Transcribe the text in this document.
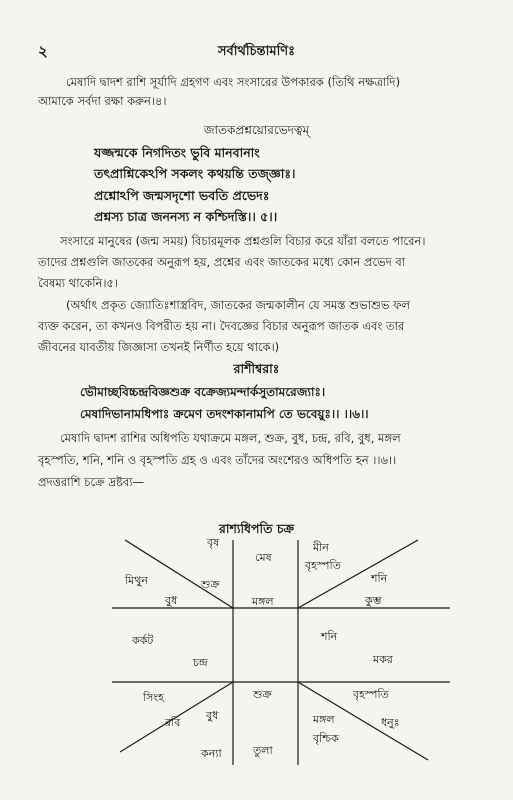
২	সর্বার্থচিন্তামণিঃ
মেষাদি দ্বাদশ রাশি সূর্যাদি গ্রহগণ এবং সংসারের উপকারক (তিথি নক্ষত্রাদি)
আমাকে সর্বদা রক্ষা করুন।৪।
জাতকপ্রশ্নয়োরভেদত্বম্
যজ্জন্মকে নিগদিতং ভুবি মানবানাং
তৎপ্রাশ্নিকেঽপি সকলং কথয়ন্তি তজ্জ্ঞাঃ।
প্রশ্নোঽপি জন্মসদৃশো ভবতি প্রভেদঃ
প্রশ্নস্য চাত্র জননস্য ন কশ্চিদস্তি।। ৫।।
সংসারে মানুষের (জন্ম সময়) বিচারমূলক প্রশ্নগুলি বিচার করে যাঁরা বলতে পারেন।
তাদের প্রশ্নগুলি জাতকের অনুরূপ হয়, প্রশ্নের এবং জাতকের মধ্যে কোন প্রভেদ বা
বৈষম্য থাকেনি।৫।
(অর্থাৎ প্রকৃত জ্যোতিঃশাস্ত্রবিদ, জাতকের জন্মকালীন যে সমস্ত শুভাশুভ ফল
ব্যক্ত করেন, তা কখনও বিপরীত হয় না। দৈবজ্ঞের বিচার অনুরূপ জাতক এবং তার
জীবনের যাবতীয় জিজ্ঞাসা তখনই নির্ণীত হয়ে থাকে।)
রাশীশ্বরাঃ
ভৌমাচ্ছবিচ্চন্দ্রবিজ্ঞশুক্র বক্রেজ্যমন্দার্কসুতামরেজ্যাঃ।
মেষাদিভানামধিপাঃ ক্রমেণ তদংশকানামপি তে ভবেয়ুঃ।। ।।৬।।
মেষাদি দ্বাদশ রাশির অধিপতি যথাক্রমে মঙ্গল, শুক্র, বুধ, চন্দ্র, রবি, বুধ, মঙ্গল
বৃহস্পতি, শনি, শনি ও বৃহস্পতি গ্রহ ও এবং তাঁদের অংশেরও অধিপতি হন ।।৬।।
প্রদত্তরাশি চক্রে দ্রষ্টব্য—
রাশ্যধিপতি চক্র
বৃষ
শুক্র
মিথুন
বুধ
মেষ
মঙ্গল
মীন
বৃহস্পতি
শনি
কুম্ভ
কর্কট
চন্দ্র
শনি
মকর
সিংহ
রবি
বুধ
কন্যা
শুক্র
তুলা
মঙ্গল
বৃশ্চিক
বৃহস্পতি
ধনুঃ
